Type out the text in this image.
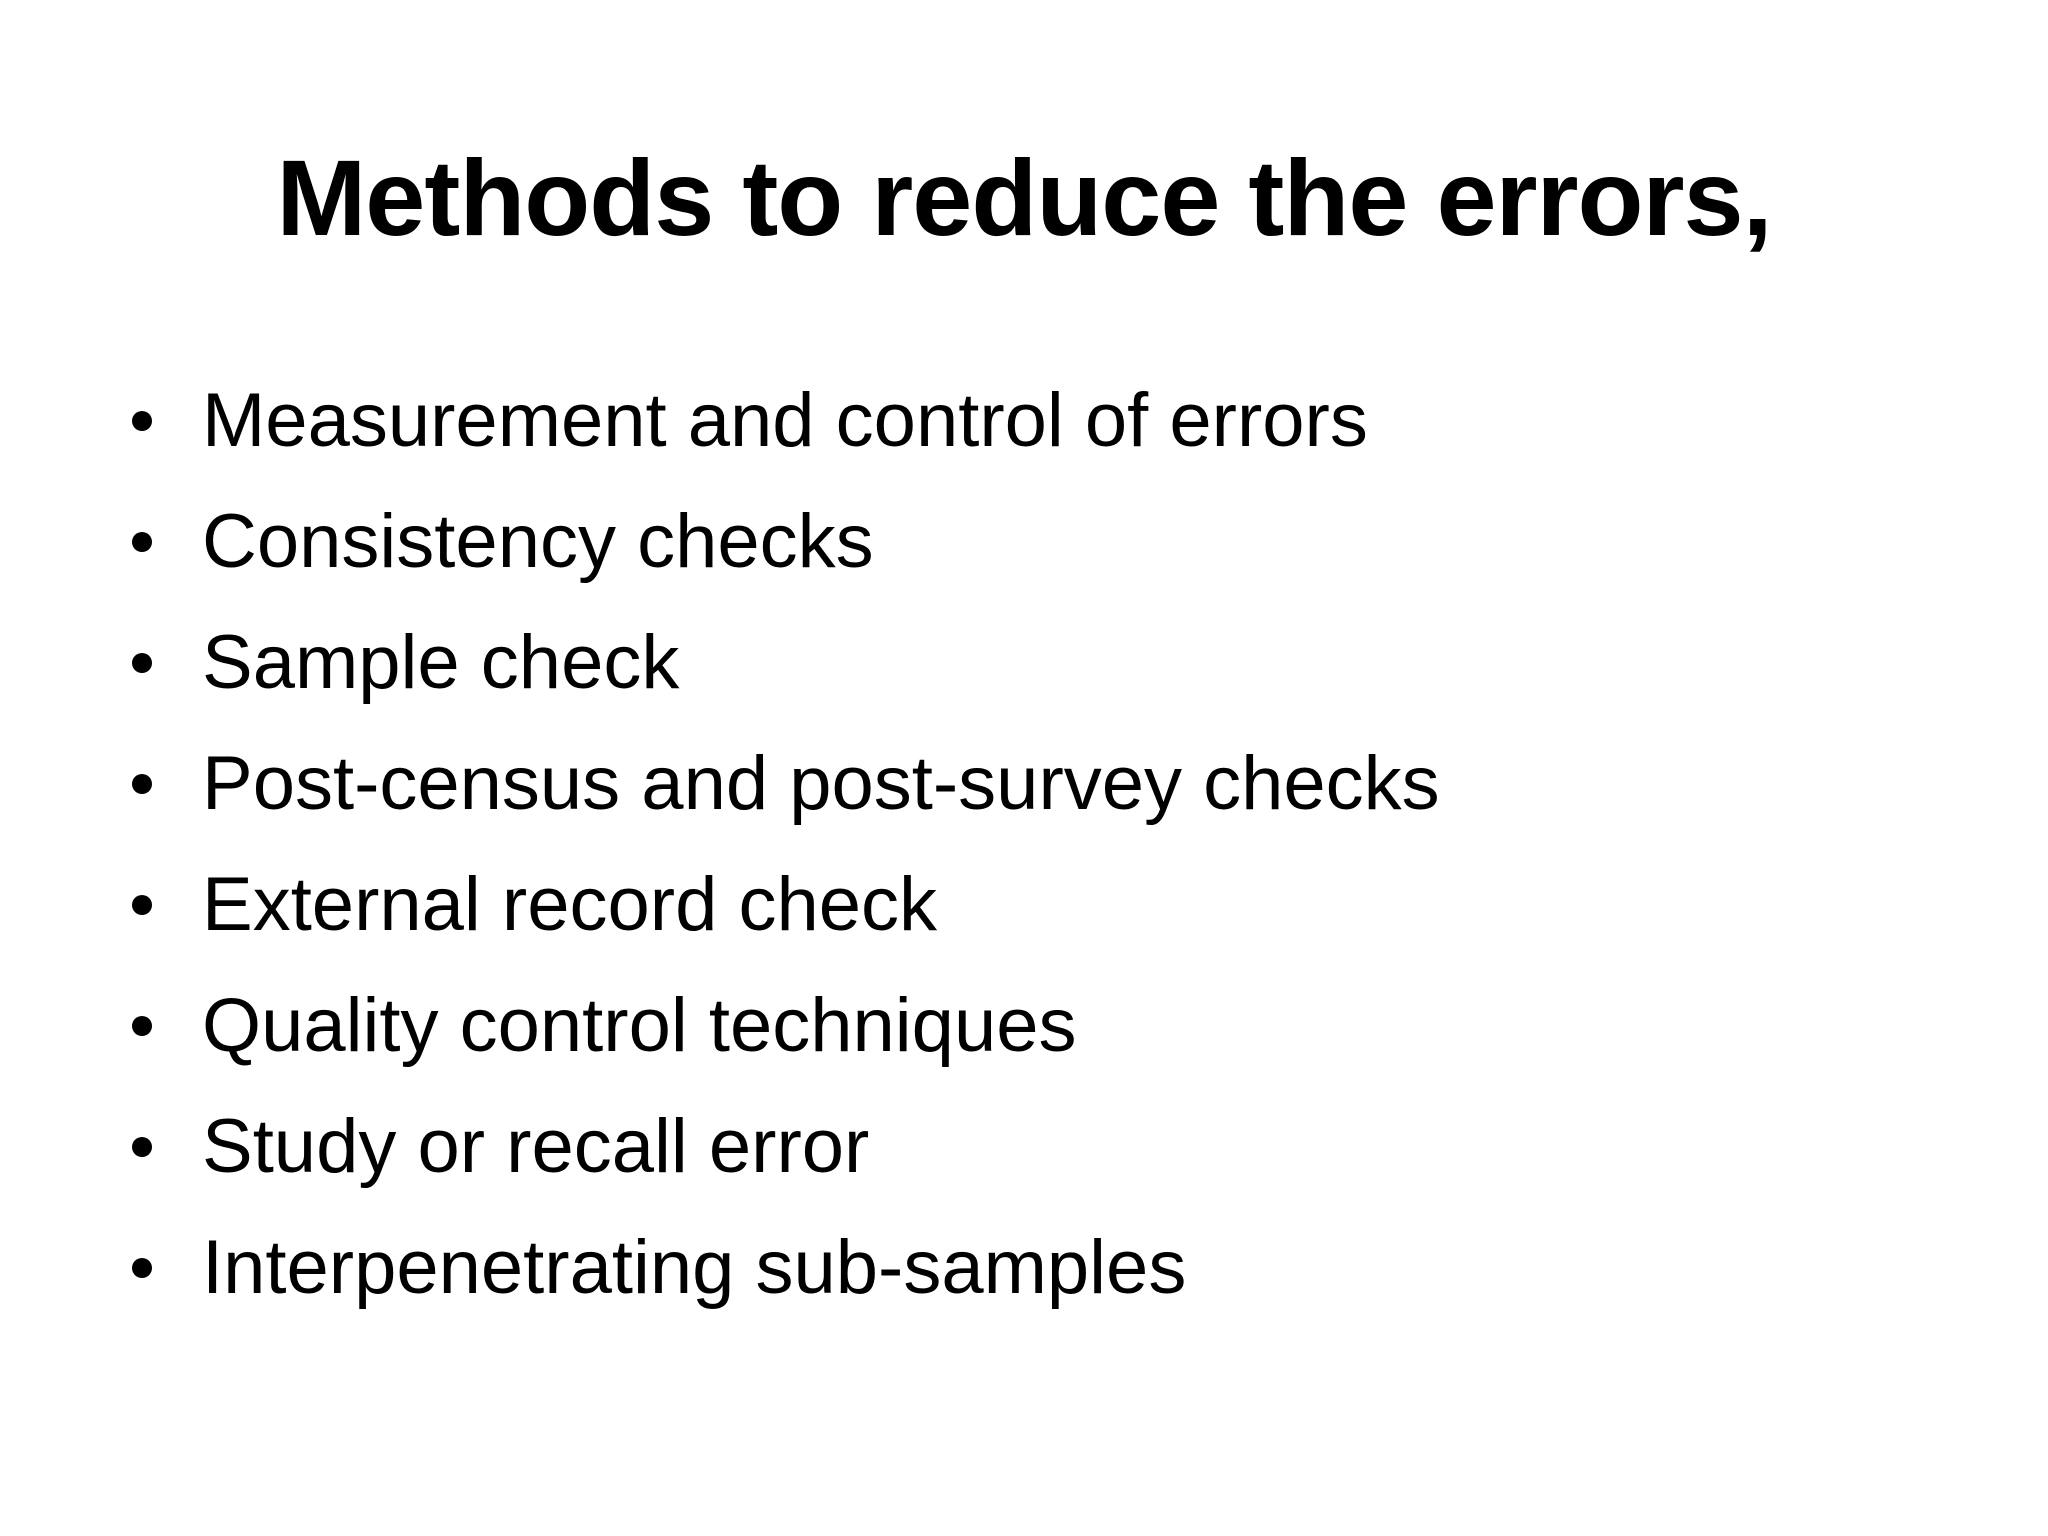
Methods to reduce the errors,
Measurement and control of errors
Consistency checks
Sample check
Post-census and post-survey checks
External record check
Quality control techniques
Study or recall error
Interpenetrating sub-samples
